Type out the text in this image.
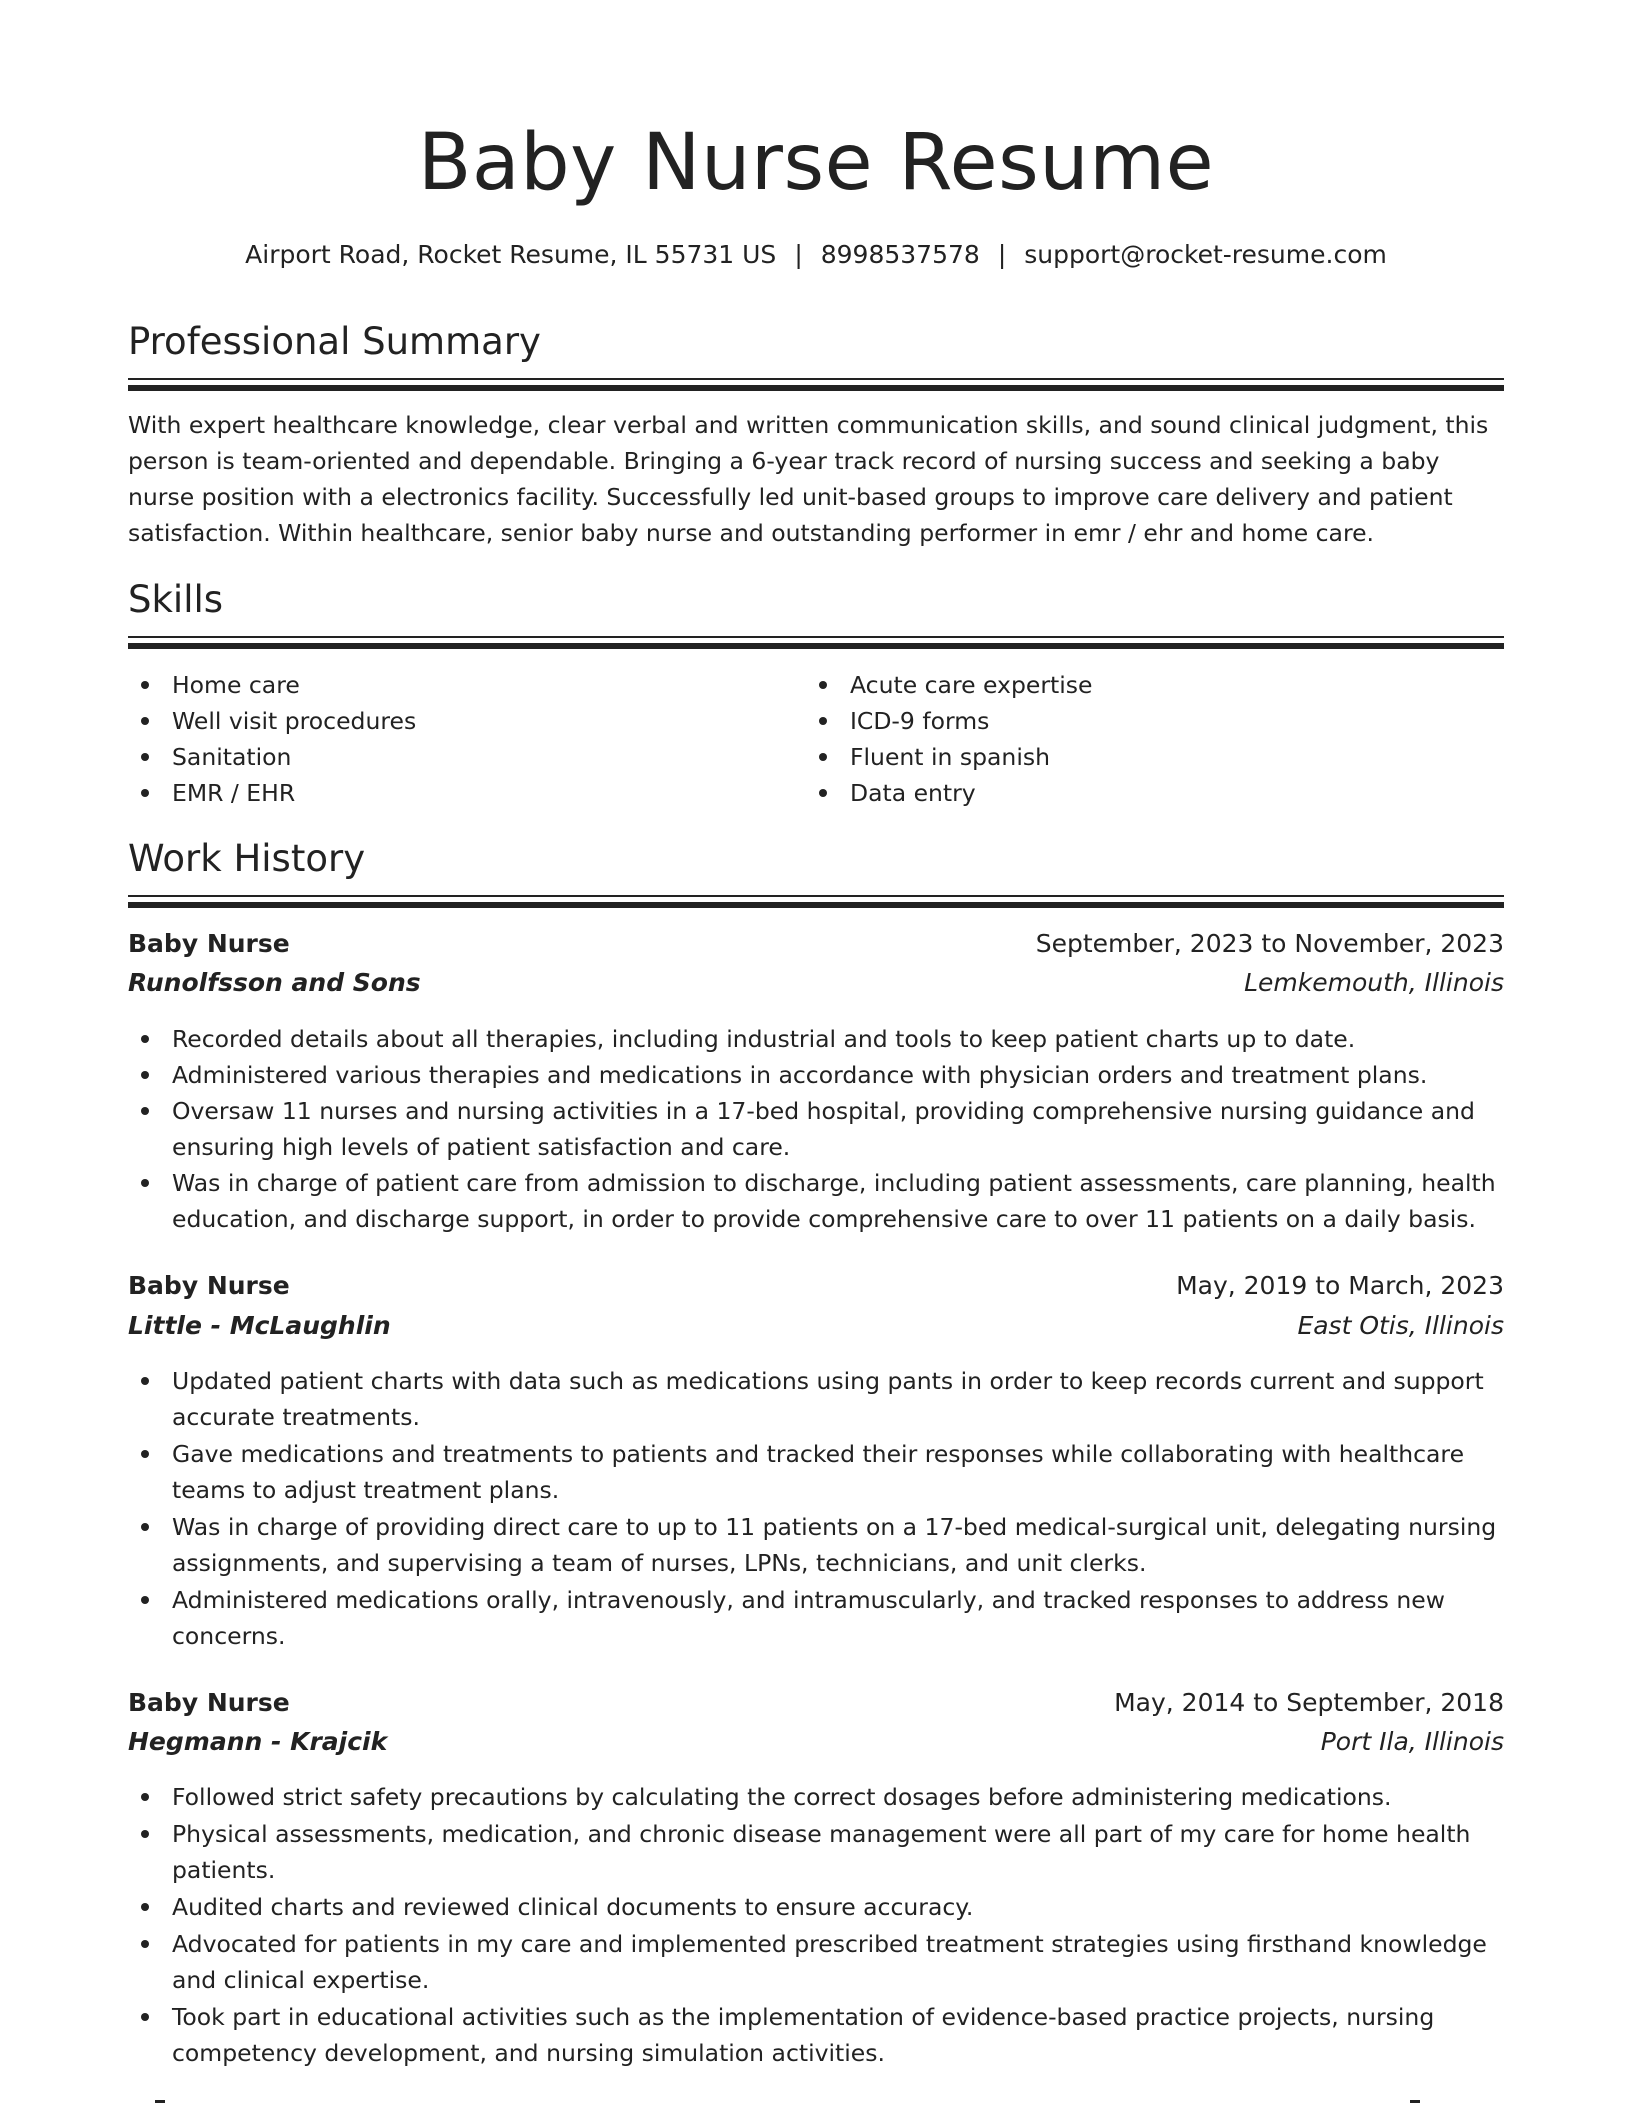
Baby Nurse Resume
Airport Road, Rocket Resume, IL 55731 US | 8998537578 | support@rocket-resume.com
Professional Summary

With expert healthcare knowledge, clear verbal and written communication skills, and sound clinical judgment, this person is team-oriented and dependable. Bringing a 6-year track record of nursing success and seeking a baby nurse position with a electronics facility. Successfully led unit-based groups to improve care delivery and patient satisfaction. Within healthcare, senior baby nurse and outstanding performer in emr / ehr and home care.

Skills
Home care
Well visit procedures
Sanitation
EMR / EHR
Acute care expertise
ICD-9 forms
Fluent in spanish
Data entry
Work History
Baby Nurse	September, 2023 to November, 2023
Runolfsson and Sons	Lemkemouth, Illinois
Recorded details about all therapies, including industrial and tools to keep patient charts up to date.
Administered various therapies and medications in accordance with physician orders and treatment plans.
Oversaw 11 nurses and nursing activities in a 17-bed hospital, providing comprehensive nursing guidance and ensuring high levels of patient satisfaction and care.
Was in charge of patient care from admission to discharge, including patient assessments, care planning, health education, and discharge support, in order to provide comprehensive care to over 11 patients on a daily basis.
Baby Nurse	May, 2019 to March, 2023
Little - McLaughlin	East Otis, Illinois
Updated patient charts with data such as medications using pants in order to keep records current and support accurate treatments.
Gave medications and treatments to patients and tracked their responses while collaborating with healthcare teams to adjust treatment plans.
Was in charge of providing direct care to up to 11 patients on a 17-bed medical-surgical unit, delegating nursing assignments, and supervising a team of nurses, LPNs, technicians, and unit clerks.
Administered medications orally, intravenously, and intramuscularly, and tracked responses to address new concerns.
Baby Nurse	May, 2014 to September, 2018
Hegmann - Krajcik	Port Ila, Illinois
Followed strict safety precautions by calculating the correct dosages before administering medications.
Physical assessments, medication, and chronic disease management were all part of my care for home health patients.
Audited charts and reviewed clinical documents to ensure accuracy.
Advocated for patients in my care and implemented prescribed treatment strategies using firsthand knowledge and clinical expertise.
Took part in educational activities such as the implementation of evidence-based practice projects, nursing competency development, and nursing simulation activities.
